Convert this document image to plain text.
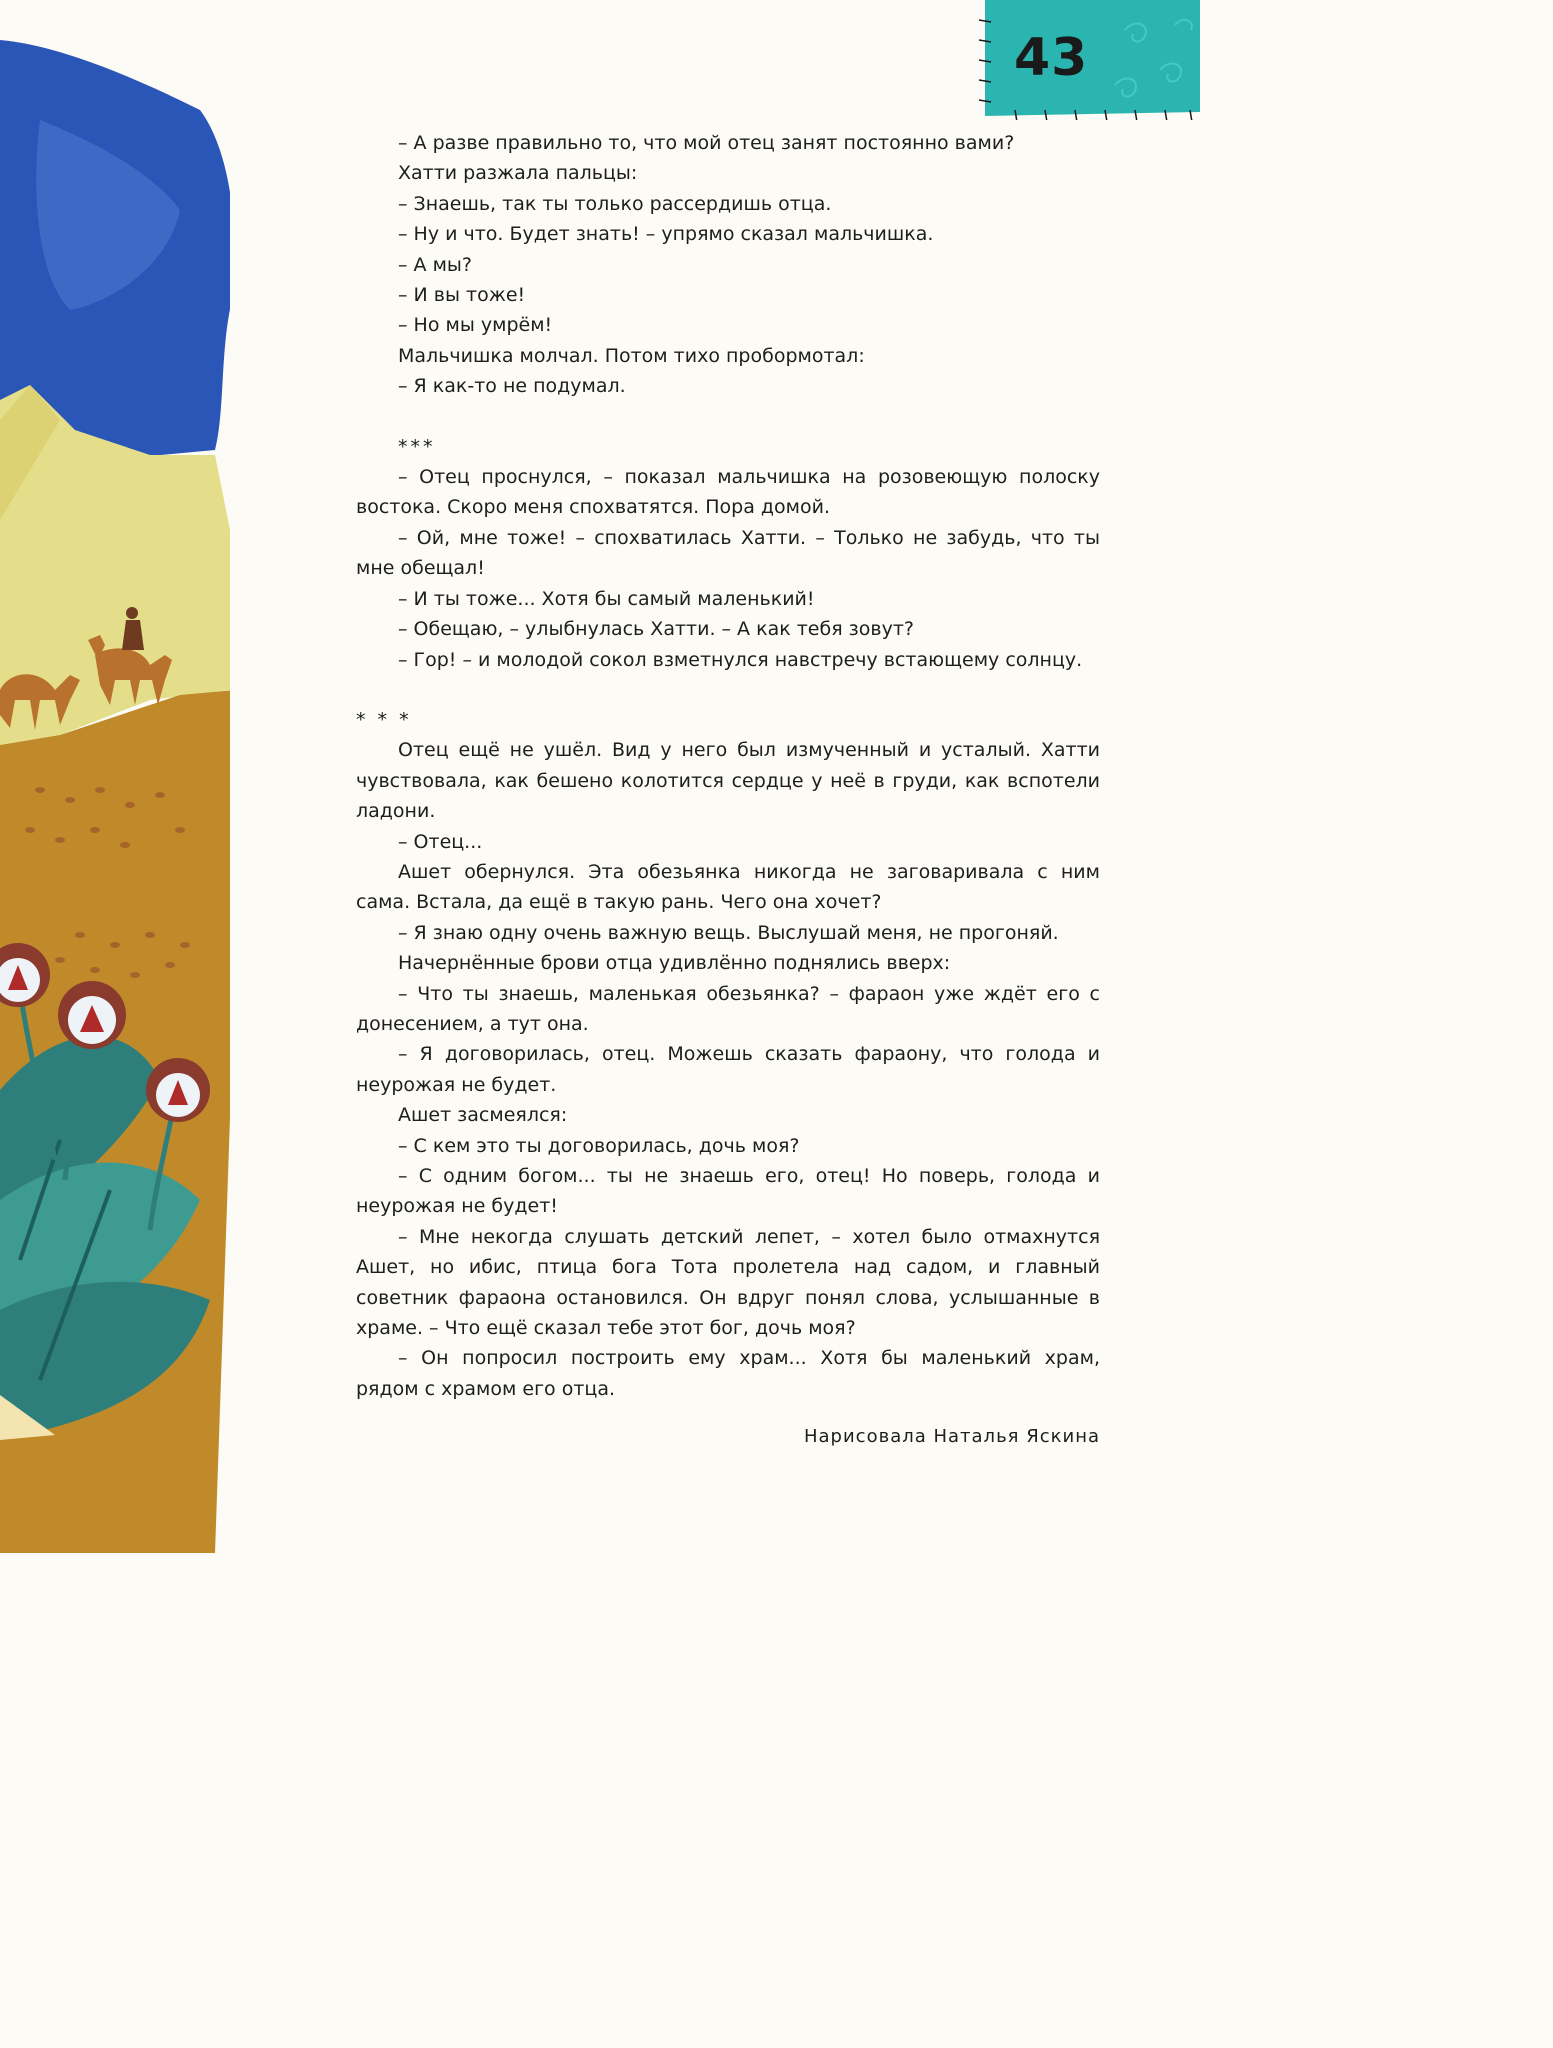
43

– А разве правильно то, что мой отец занят постоянно вами?

Хатти разжала пальцы:

– Знаешь, так ты только рассердишь отца.

– Ну и что. Будет знать! – упрямо сказал мальчишка.

– А мы?

– И вы тоже!

– Но мы умрём!

Мальчишка молчал. Потом тихо пробормотал:

– Я как-то не подумал.

***

– Отец проснулся, – показал мальчишка на розовеющую полоску востока. Скоро меня спохватятся. Пора домой.

– Ой, мне тоже! – спохватилась Хатти. – Только не забудь, что ты мне обещал!

– И ты тоже... Хотя бы самый маленький!

– Обещаю, – улыбнулась Хатти. – А как тебя зовут?

– Гор! – и молодой сокол взметнулся навстречу встающему солнцу.

* * *

Отец ещё не ушёл. Вид у него был измученный и усталый. Хатти чувствовала, как бешено колотится сердце у неё в груди, как вспотели ладони.

– Отец...

Ашет обернулся. Эта обезьянка никогда не заговаривала с ним сама. Встала, да ещё в такую рань. Чего она хочет?

– Я знаю одну очень важную вещь. Выслушай меня, не прогоняй.

Начернённые брови отца удивлённо поднялись вверх:

– Что ты знаешь, маленькая обезьянка? – фараон уже ждёт его с донесением, а тут она.

– Я договорилась, отец. Можешь сказать фараону, что голода и неурожая не будет.

Ашет засмеялся:

– С кем это ты договорилась, дочь моя?

– С одним богом... ты не знаешь его, отец! Но поверь, голода и неурожая не будет!

– Мне некогда слушать детский лепет, – хотел было отмахнутся Ашет, но ибис, птица бога Тота пролетела над садом, и главный советник фараона остановился. Он вдруг понял слова, услышанные в храме. – Что ещё сказал тебе этот бог, дочь моя?

– Он попросил построить ему храм... Хотя бы маленький храм, рядом с храмом его отца.

Нарисовала Наталья Яскина
